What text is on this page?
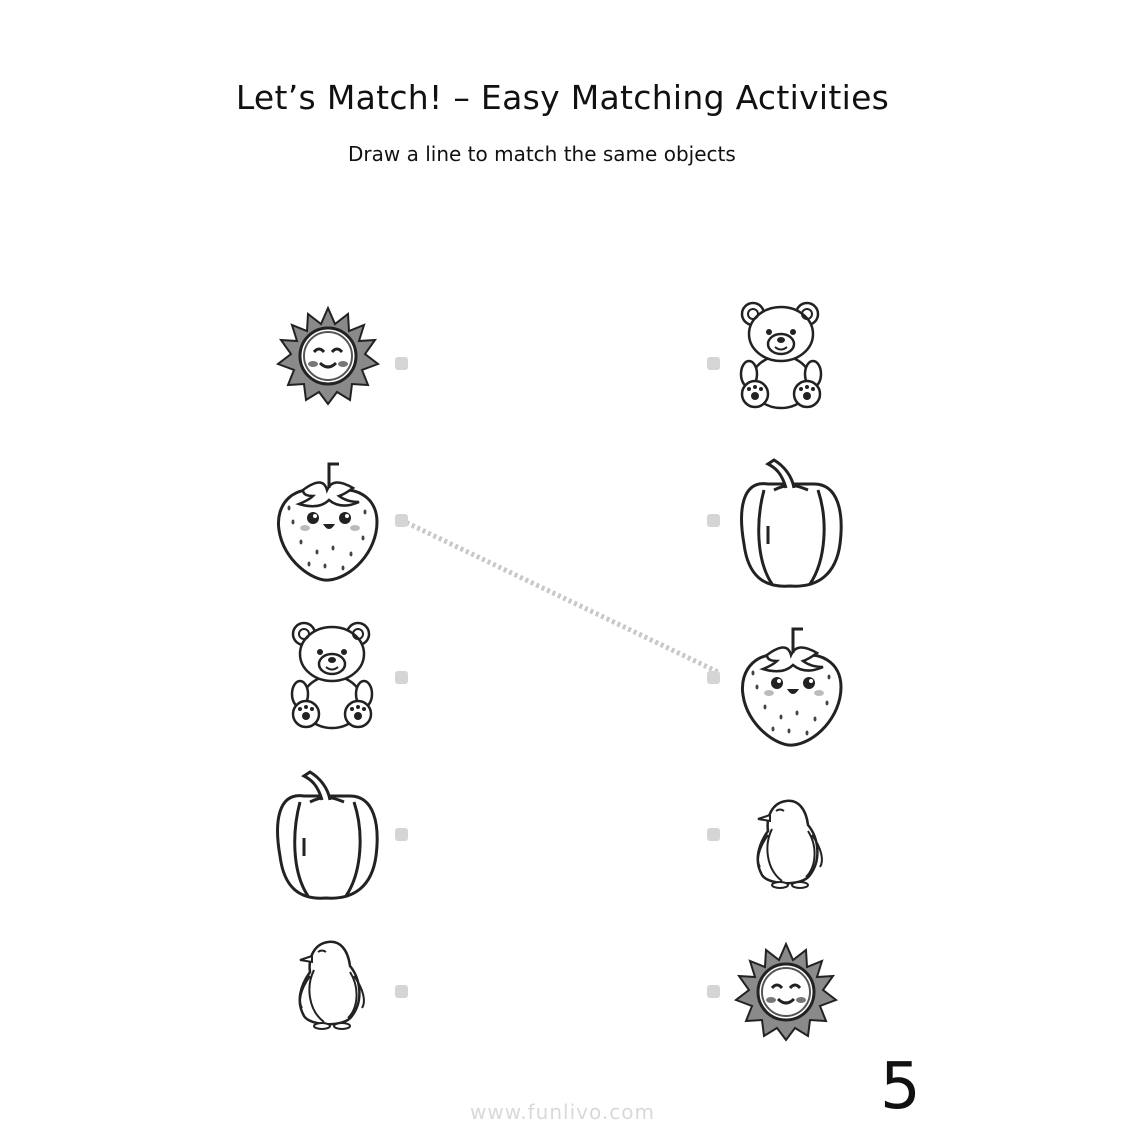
Let’s Match! – Easy Matching Activities
Draw a line to match the same objects
5
www.funlivo.com
